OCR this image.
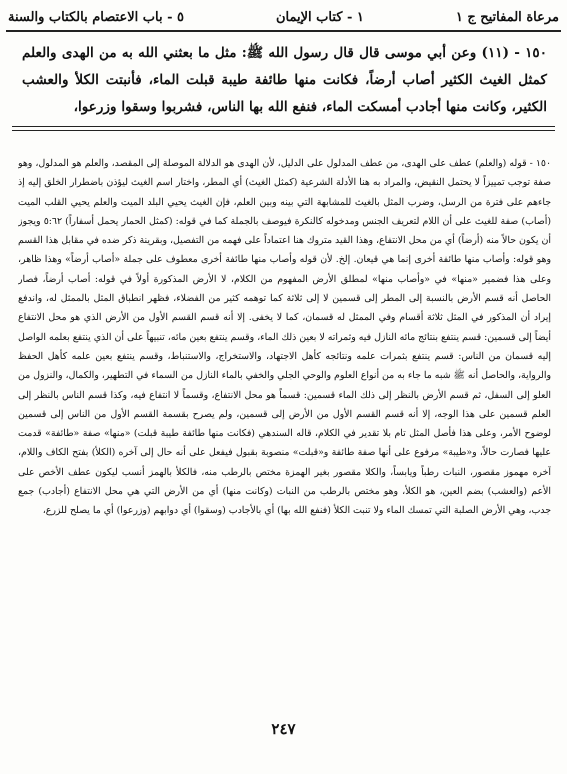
مرعاة المفاتيح ج ١
١ - كتاب الإيمان
٥ - باب الاعتصام بالكتاب والسنة

١٥٠ - (١١) وعن أبي موسى قال قال رسول الله ﷺ: مثل ما بعثني الله به من الهدى والعلم كمثل الغيث الكثير أصاب أرضاً، فكانت منها طائفة طيبة قبلت الماء، فأنبتت الكلأ والعشب الكثير، وكانت منها أجادب أمسكت الماء، فنفع الله بها الناس، فشربوا وسقوا وزرعوا،

١٥٠ - قوله (والعلم) عطف على الهدى، من عطف المدلول على الدليل، لأن الهدى هو الدلالة الموصلة إلى المقصد، والعلم هو المدلول، وهو صفة توجب تمييزاً لا يحتمل النقيض، والمراد به هنا الأدلة الشرعية (كمثل الغيث) أي المطر، واختار اسم الغيث ليؤذن باضطرار الخلق إليه إذ جاءهم على فترة من الرسل، وضرب المثل بالغيث للمشابهة التي بينه وبين العلم، فإن الغيث يحيي البلد الميت والعلم يحيي القلب الميت (أصاب) صفة للغيث على أن اللام لتعريف الجنس ومدخوله كالنكرة فيوصف بالجملة كما في قوله: (كمثل الحمار يحمل أسفاراً) ٥:٦٢ ويجوز أن يكون حالاً منه (أرضاً) أي من محل الانتفاع، وهذا القيد متروك هنا اعتماداً على فهمه من التفصيل، وبقرينة ذكر ضده في مقابل هذا القسم وهو قوله: وأصاب منها طائفة أخرى إنما هي قيعان. إلخ. لأن قوله وأصاب منها طائفة أخرى معطوف على جملة «أصاب أرضاً» وهذا ظاهر، وعلى هذا فضمير «منها» في «وأصاب منها» لمطلق الأرض المفهوم من الكلام، لا الأرض المذكورة أولاً في قوله: أصاب أرضاً، فصار الحاصل أنه قسم الأرض بالنسبة إلى المطر إلى قسمين لا إلى ثلاثة كما توهمه كثير من الفضلاء، فظهر انطباق المثل بالممثل له، واندفع إيراد أن المذكور في المثل ثلاثة أقسام وفي الممثل له قسمان، كما لا يخفى. إلا أنه قسم القسم الأول من الأرض الذي هو محل الانتفاع أيضاً إلى قسمين: قسم ينتفع بنتائج مائه النازل فيه وثمراته لا بعين ذلك الماء، وقسم ينتفع بعين مائه، تنبيهاً على أن الذي ينتفع بعلمه الواصل إليه قسمان من الناس: قسم ينتفع بثمرات علمه ونتائجه كأهل الاجتهاد، والاستخراج، والاستنباط، وقسم ينتفع بعين علمه كأهل الحفظ والرواية، والحاصل أنه ﷺ شبه ما جاء به من أنواع العلوم والوحي الجلي والخفي بالماء النازل من السماء في التطهير، والكمال، والنزول من العلو إلى السفل، ثم قسم الأرض بالنظر إلى ذلك الماء قسمين: قسماً هو محل الانتفاع، وقسماً لا انتفاع فيه، وكذا قسم الناس بالنظر إلى العلم قسمين على هذا الوجه، إلا أنه قسم القسم الأول من الأرض إلى قسمين، ولم يصرح بقسمة القسم الأول من الناس إلى قسمين لوضوح الأمر، وعلى هذا فأصل المثل تام بلا تقدير في الكلام، قاله السندهي (فكانت منها طائفة طيبة قبلت) «منها» صفة «طائفة» قدمت عليها فصارت حالاً، و«طيبة» مرفوع على أنها صفة طائفة و«قبلت» منصوبة بقبول فيفعل على أنه حال إلى آخره (الكلأ) بفتح الكاف واللام، آخره مهموز مقصور، النبات رطباً ويابساً، والكلا مقصور بغير الهمزة مختص بالرطب منه، فالكلأ بالهمز أنسب ليكون عطف الأخص على الأعم (والعشب) بضم العين، هو الكلأ، وهو مختص بالرطب من النبات (وكانت منها) أي من الأرض التي هي محل الانتفاع (أجادب) جمع جدب، وهي الأرض الصلبة التي تمسك الماء ولا تنبت الكلأ (فنفع الله بها) أي بالأجادب (وسقوا) أي دوابهم (وزرعوا) أي ما يصلح للزرع،

٢٤٧
